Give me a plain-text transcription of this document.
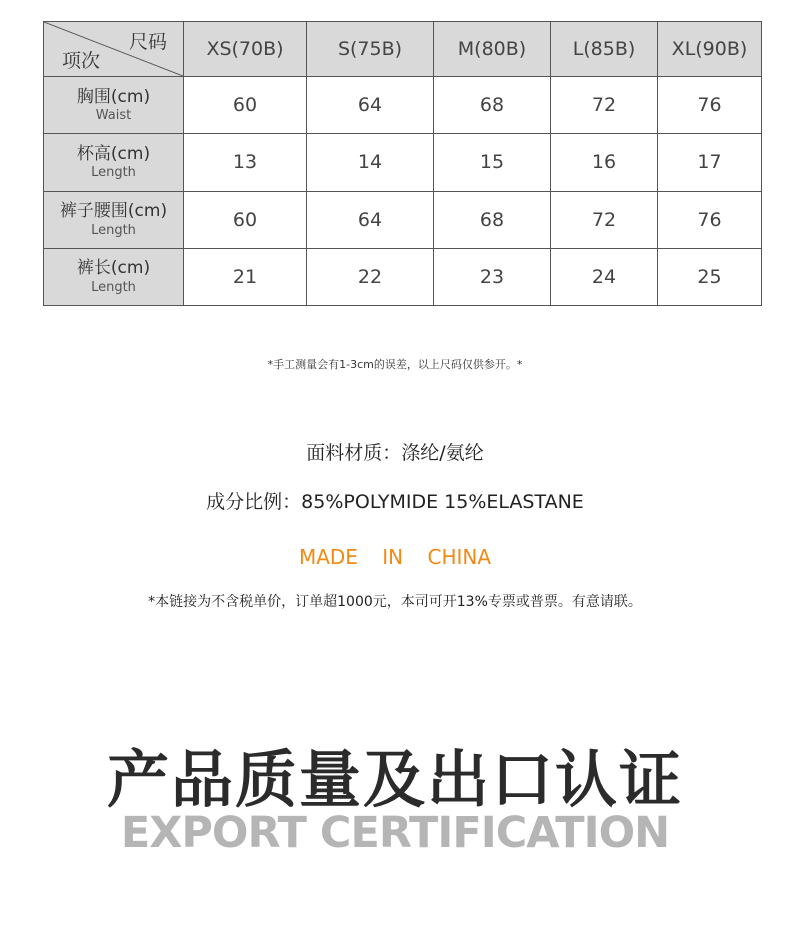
尺码
项次	XS(70B)	S(75B)	M(80B)	L(85B)	XL(90B)

胸围(cm)
Waist	60	64	68	72	76

杯高(cm)
Length	13	14	15	16	17

裤子腰围(cm)
Length	60	64	68	72	76

裤长(cm)
Length	21	22	23	24	25
*手工测量会有1-3cm的误差，以上尺码仅供参开。*
面料材质：涤纶/氨纶
成分比例：85%POLYMIDE 15%ELASTANE
MADE IN CHINA
*本链接为不含税单价，订单超1000元，本司可开13%专票或普票。有意请联。
产品质量及出口认证
EXPORT CERTIFICATION
